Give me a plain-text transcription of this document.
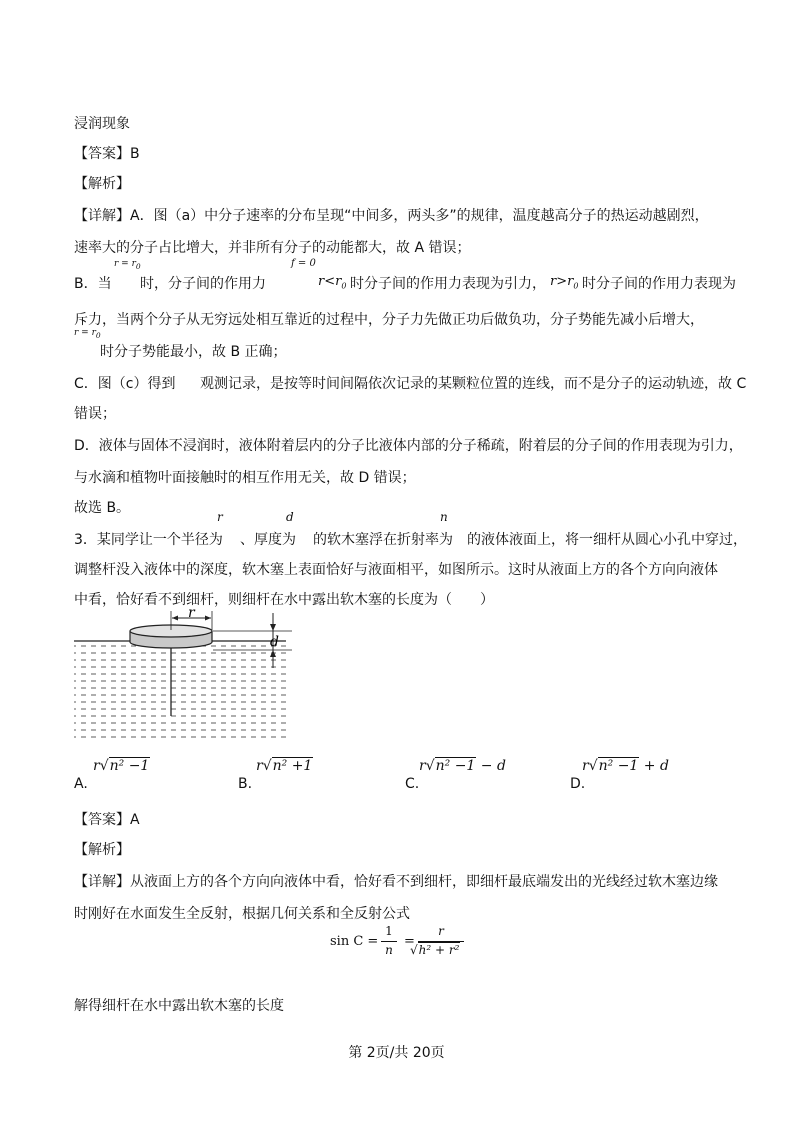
浸润现象
【答案】B
【解析】
【详解】A．图（a）中分子速率的分布呈现“中间多，两头多”的规律，温度越高分子的热运动越剧烈，
速率大的分子占比增大，并非所有分子的动能都大，故 A 错误；
B．当
$r = r_0$
时，分子间的作用力
f = 0
$r<r_0$ 时分子间的作用力表现为引力， $r>r_0$ 时分子间的作用力表现为
斥力，当两个分子从无穷远处相互靠近的过程中，分子力先做正功后做负功，分子势能先减小后增大，
$r = r_0$
时分子势能最小，故 B 正确；
C．图（c）得到 观测记录，是按等时间间隔依次记录的某颗粒位置的连线，而不是分子的运动轨迹，故 C
错误；
D．液体与固体不浸润时，液体附着层内的分子比液体内部的分子稀疏，附着层的分子间的作用表现为引力，
与水滴和植物叶面接触时的相互作用无关，故 D 错误；
故选 B。
r	d	n
3．某同学让一个半径为 、厚度为 的软木塞浮在折射率为 的液体液面上，将一细杆从圆心小孔中穿过，
调整杆没入液体中的深度，软木塞上表面恰好与液面相平，如图所示。这时从液面上方的各个方向向液体
中看，恰好看不到细杆，则细杆在水中露出软木塞的长度为（　　）
r
d
A.
r√n² −1
B.
r√n² +1
C.
r√n² −1 − d
D.
r√n² −1 + d
【答案】A
【解析】
【详解】从液面上方的各个方向向液体中看，恰好看不到细杆，即细杆最底端发出的光线经过软木塞边缘
时刚好在水面发生全反射，根据几何关系和全反射公式
sin C =
1
n
=
r
√h² + r²
解得细杆在水中露出软木塞的长度
第 2页/共 20页
